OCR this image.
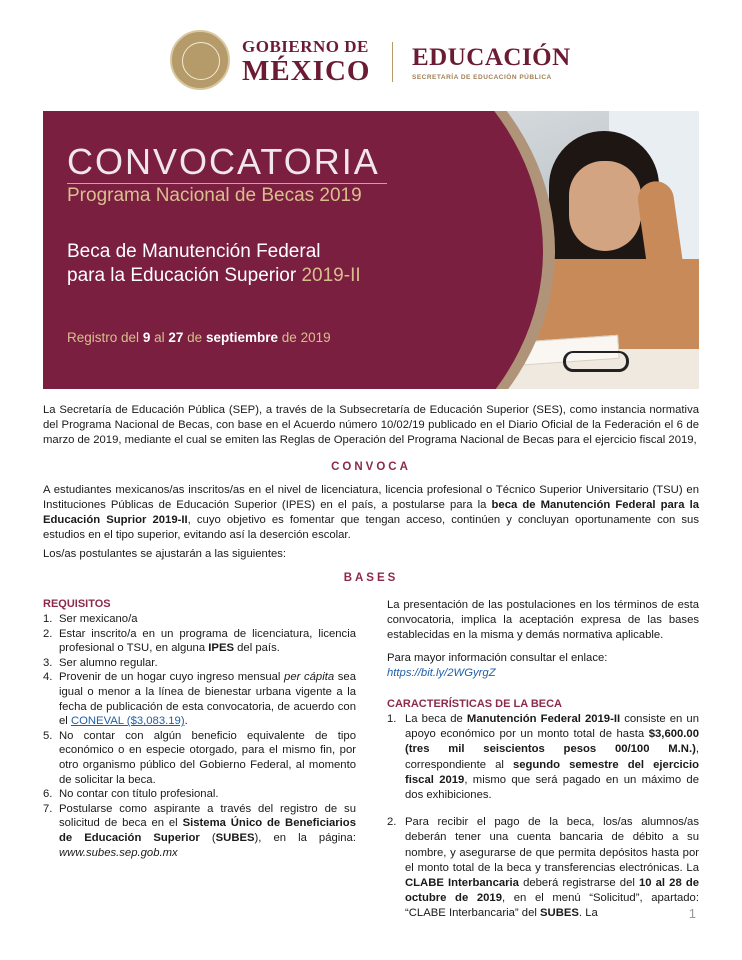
GOBIERNO DE
MÉXICO EDUCACIÓN
SECRETARÍA DE EDUCACIÓN PÚBLICA
CONVOCATORIA
Programa Nacional de Becas 2019
Beca de Manutención Federal
para la Educación Superior 2019-II
Registro del 9 al 27 de septiembre de 2019

La Secretaría de Educación Pública (SEP), a través de la Subsecretaría de Educación Superior (SES), como instancia normativa del Programa Nacional de Becas, con base en el Acuerdo número 10/02/19 publicado en el Diario Oficial de la Federación el 6 de marzo de 2019, mediante el cual se emiten las Reglas de Operación del Programa Nacional de Becas para el ejercicio fiscal 2019,

CONVOCA

A estudiantes mexicanos/as inscritos/as en el nivel de licenciatura, licencia profesional o Técnico Superior Universitario (TSU) en Instituciones Públicas de Educación Superior (IPES) en el país, a postularse para la beca de Manutención Federal para la Educación Suprior 2019-II, cuyo objetivo es fomentar que tengan acceso, continúen y concluyan oportunamente con sus estudios en el tipo superior, evitando así la deserción escolar.

Los/as postulantes se ajustarán a las siguientes:

BASES
REQUISITOS
1. Ser mexicano/a
2. Estar inscrito/a en un programa de licenciatura, licencia profesional o TSU, en alguna IPES del país.
3. Ser alumno regular.
4. Provenir de un hogar cuyo ingreso mensual per cápita sea igual o menor a la línea de bienestar urbana vigente a la fecha de publicación de esta convocatoria, de acuerdo con el CONEVAL ($3,083.19).
5. No contar con algún beneficio equivalente de tipo económico o en especie otorgado, para el mismo fin, por otro organismo público del Gobierno Federal, al momento de solicitar la beca.
6. No contar con título profesional.
7. Postularse como aspirante a través del registro de su solicitud de beca en el Sistema Único de Beneficiarios de Educación Superior (SUBES), en la página: www.subes.sep.gob.mx

La presentación de las postulaciones en los términos de esta convocatoria, implica la aceptación expresa de las bases establecidas en la misma y demás normativa aplicable.

Para mayor información consultar el enlace:

https://bit.ly/2WGyrgZ
CARACTERÍSTICAS DE LA BECA
1. La beca de Manutención Federal 2019-II consiste en un apoyo económico por un monto total de hasta $3,600.00 (tres mil seiscientos pesos 00/100 M.N.), correspondiente al segundo semestre del ejercicio fiscal 2019, mismo que será pagado en un máximo de dos exhibiciones.
2. Para recibir el pago de la beca, los/as alumnos/as deberán tener una cuenta bancaria de débito a su nombre, y asegurarse de que permita depósitos hasta por el monto total de la beca y transferencias electrónicas. La CLABE Interbancaria deberá registrarse del 10 al 28 de octubre de 2019, en el menú “Solicitud”, apartado: “CLABE Interbancaria” del SUBES. La	1
